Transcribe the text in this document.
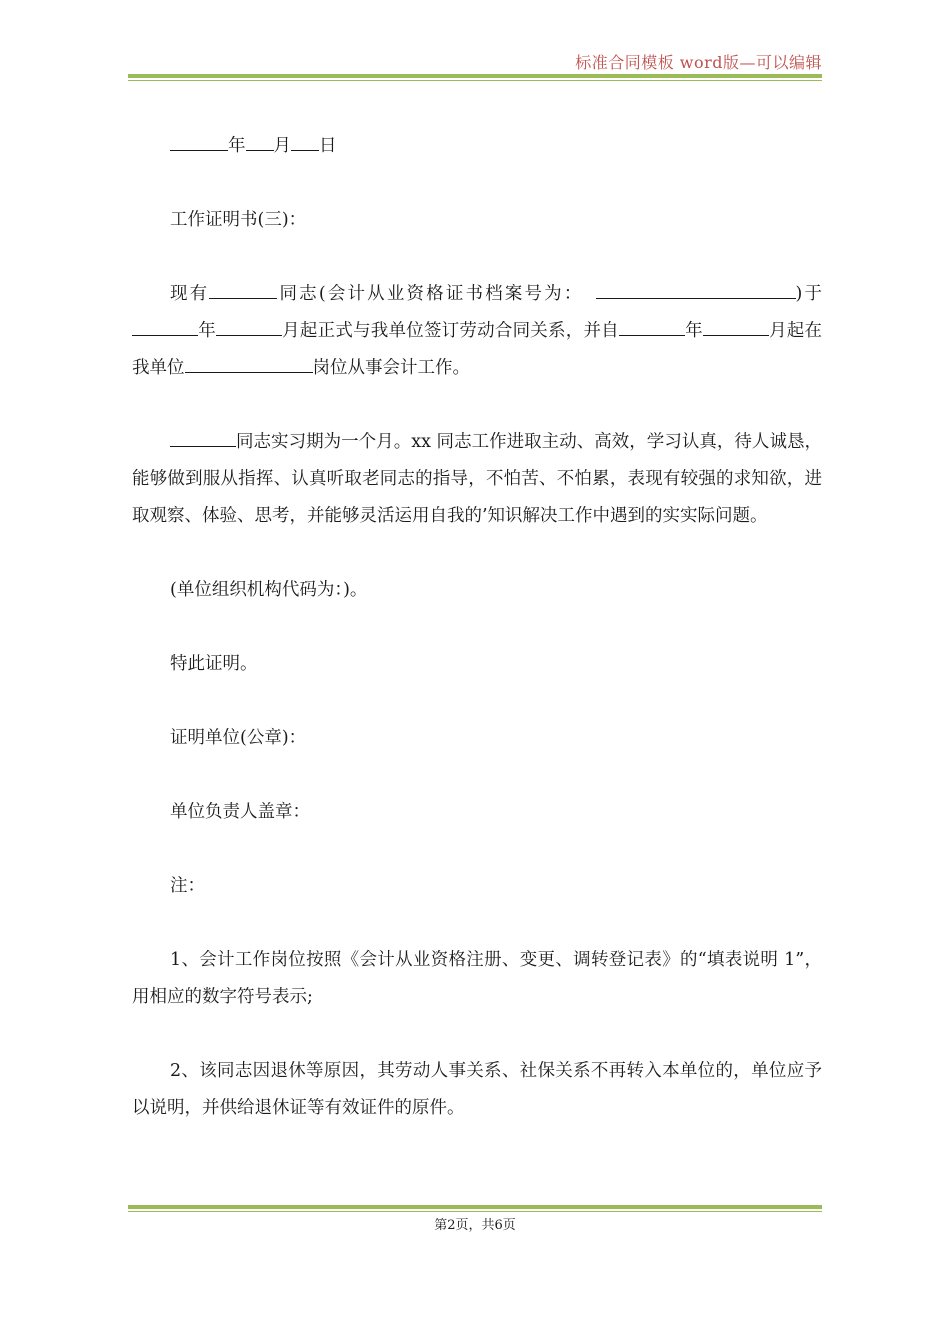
标准合同模板 word版—可以编辑

年 月 日

工作证明书(三)：

现有	同志(会计从业资格证书档案号为：	)于年	月起正式与我单位签订劳动合同关系，并自	年	月起在我单位	岗位从事会计工作。

同志实习期为一个月。xx 同志工作进取主动、高效，学习认真，待人诚恳，能够做到服从指挥、认真听取老同志的指导，不怕苦、不怕累，表现有较强的求知欲，进取观察、体验、思考，并能够灵活运用自我的’知识解决工作中遇到的实实际问题。

(单位组织机构代码为：)。

特此证明。

证明单位(公章)：

单位负责人盖章：

注：

1、会计工作岗位按照《会计从业资格注册、变更、调转登记表》的“填表说明 1”，用相应的数字符号表示;

2、该同志因退休等原因，其劳动人事关系、社保关系不再转入本单位的，单位应予以说明，并供给退休证等有效证件的原件。

第2页，共6页
